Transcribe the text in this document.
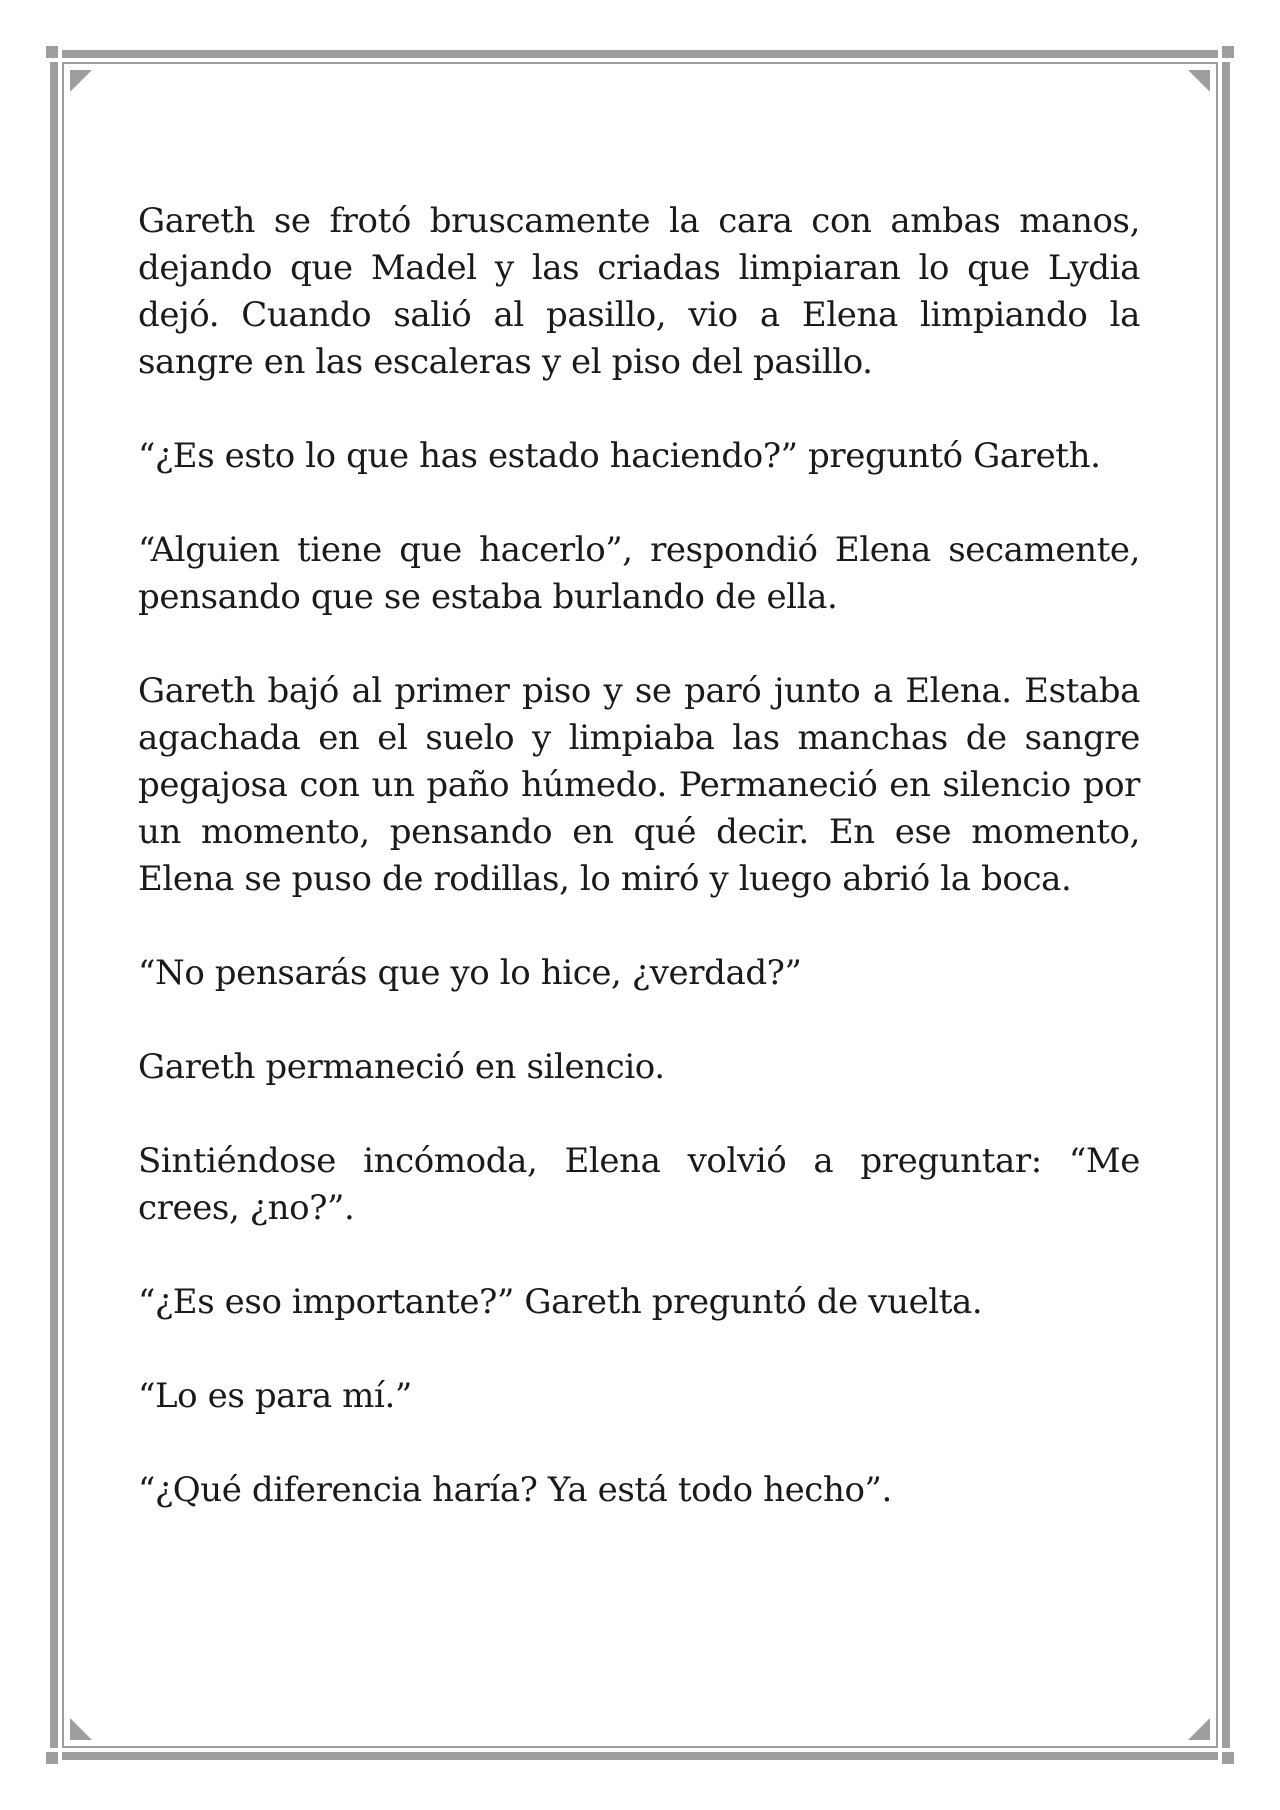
Gareth se frotó bruscamente la cara con ambas manos, dejando que Madel y las criadas limpiaran lo que Lydia dejó. Cuando salió al pasillo, vio a Elena limpiando la sangre en las escaleras y el piso del pasillo.

“¿Es esto lo que has estado haciendo?” preguntó Gareth.

“Alguien tiene que hacerlo”, respondió Elena secamente, pensando que se estaba burlando de ella.

Gareth bajó al primer piso y se paró junto a Elena. Estaba agachada en el suelo y limpiaba las manchas de sangre pegajosa con un paño húmedo. Permaneció en silencio por un momento, pensando en qué decir. En ese momento, Elena se puso de rodillas, lo miró y luego abrió la boca.

“No pensarás que yo lo hice, ¿verdad?”

Gareth permaneció en silencio.

Sintiéndose incómoda, Elena volvió a preguntar: “Me crees, ¿no?”.

“¿Es eso importante?” Gareth preguntó de vuelta.

“Lo es para mí.”

“¿Qué diferencia haría? Ya está todo hecho”.
